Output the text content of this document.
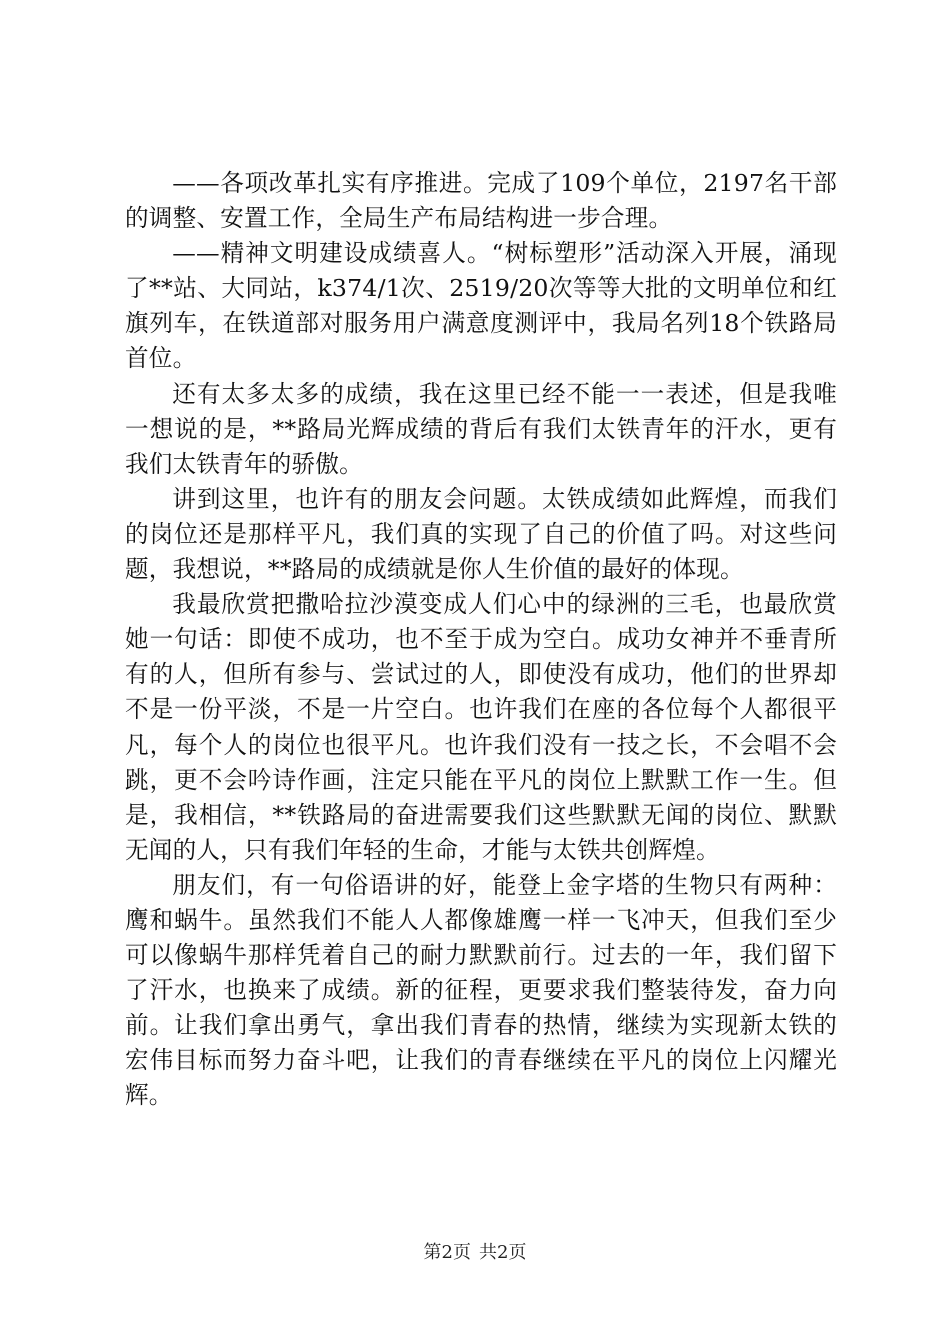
——各项改革扎实有序推进。完成了109个单位，2197名干部的调整、安置工作，全局生产布局结构进一步合理。

——精神文明建设成绩喜人。“树标塑形”活动深入开展，涌现了**站、大同站，k374/1次、2519/20次等等大批的文明单位和红旗列车，在铁道部对服务用户满意度测评中，我局名列18个铁路局首位。

还有太多太多的成绩，我在这里已经不能一一表述，但是我唯一想说的是，**路局光辉成绩的背后有我们太铁青年的汗水，更有我们太铁青年的骄傲。

讲到这里，也许有的朋友会问题。太铁成绩如此辉煌，而我们的岗位还是那样平凡，我们真的实现了自己的价值了吗。对这些问题，我想说，**路局的成绩就是你人生价值的最好的体现。

我最欣赏把撒哈拉沙漠变成人们心中的绿洲的三毛，也最欣赏她一句话：即使不成功，也不至于成为空白。成功女神并不垂青所有的人，但所有参与、尝试过的人，即使没有成功，他们的世界却不是一份平淡，不是一片空白。也许我们在座的各位每个人都很平凡，每个人的岗位也很平凡。也许我们没有一技之长，不会唱不会跳，更不会吟诗作画，注定只能在平凡的岗位上默默工作一生。但是，我相信，**铁路局的奋进需要我们这些默默无闻的岗位、默默无闻的人，只有我们年轻的生命，才能与太铁共创辉煌。

朋友们，有一句俗语讲的好，能登上金字塔的生物只有两种：鹰和蜗牛。虽然我们不能人人都像雄鹰一样一飞冲天，但我们至少可以像蜗牛那样凭着自己的耐力默默前行。过去的一年，我们留下了汗水，也换来了成绩。新的征程，更要求我们整装待发，奋力向前。让我们拿出勇气，拿出我们青春的热情，继续为实现新太铁的宏伟目标而努力奋斗吧，让我们的青春继续在平凡的岗位上闪耀光辉。

第2页 共2页
